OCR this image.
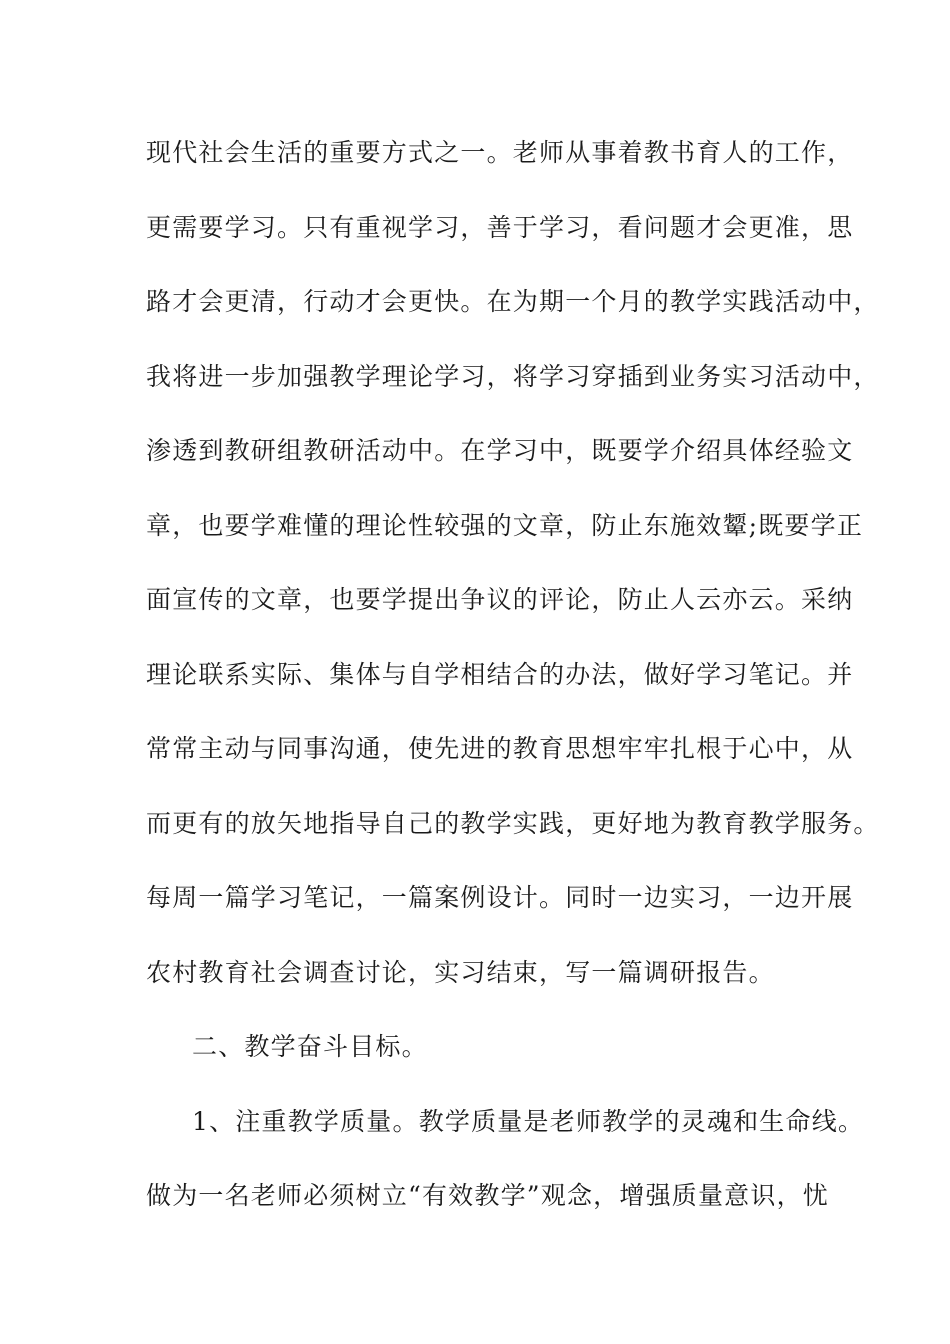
现代社会生活的重要方式之一。老师从事着教书育人的工作，
更需要学习。只有重视学习，善于学习，看问题才会更准，思
路才会更清，行动才会更快。在为期一个月的教学实践活动中，
我将进一步加强教学理论学习，将学习穿插到业务实习活动中，
渗透到教研组教研活动中。在学习中，既要学介绍具体经验文
章，也要学难懂的理论性较强的文章，防止东施效颦;既要学正
面宣传的文章，也要学提出争议的评论，防止人云亦云。采纳
理论联系实际、集体与自学相结合的办法，做好学习笔记。并
常常主动与同事沟通，使先进的教育思想牢牢扎根于心中，从
而更有的放矢地指导自己的教学实践，更好地为教育教学服务。
每周一篇学习笔记，一篇案例设计。同时一边实习，一边开展
农村教育社会调查讨论，实习结束，写一篇调研报告。
二、教学奋斗目标。
1、注重教学质量。教学质量是老师教学的灵魂和生命线。
做为一名老师必须树立“有效教学”观念，增强质量意识，忧
